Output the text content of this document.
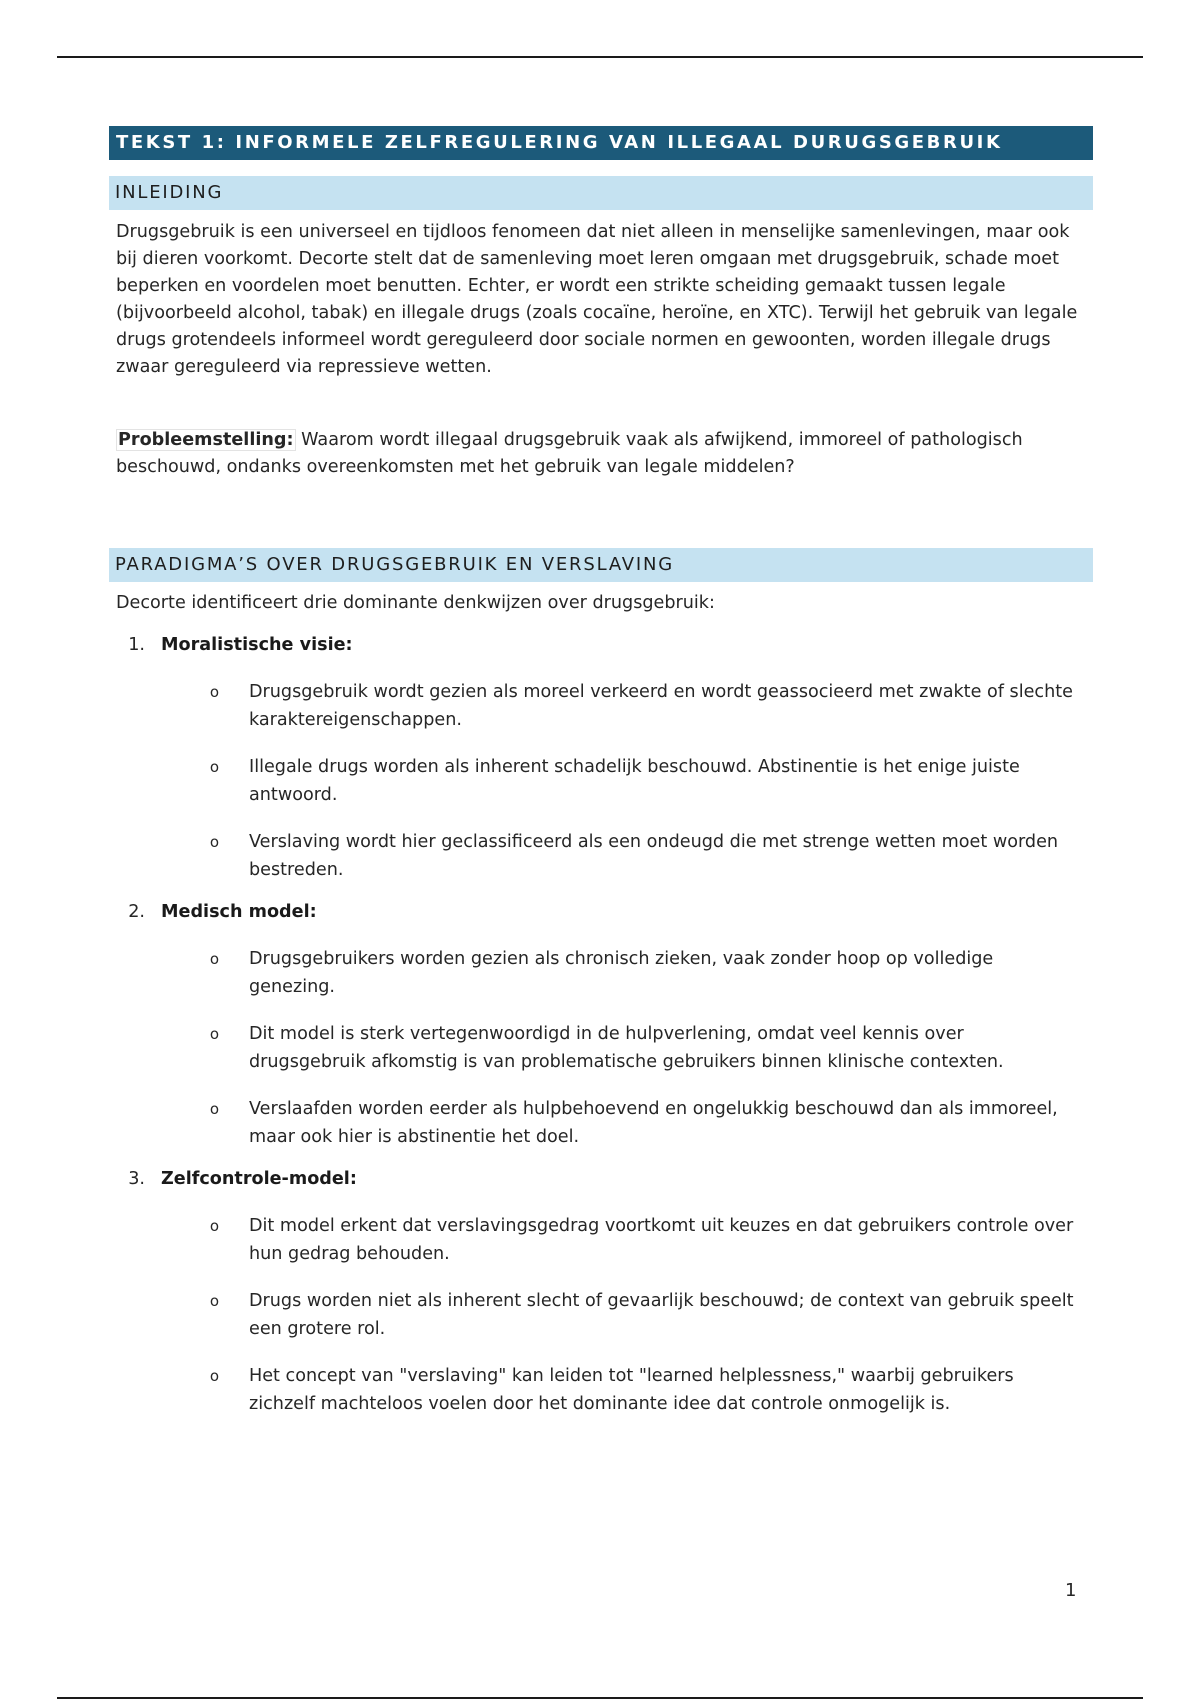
TEKST 1: INFORMELE ZELFREGULERING VAN ILLEGAAL DURUGSGEBRUIK
INLEIDING

Drugsgebruik is een universeel en tijdloos fenomeen dat niet alleen in menselijke samenlevingen, maar ook bij dieren voorkomt. Decorte stelt dat de samenleving moet leren omgaan met drugsgebruik, schade moet beperken en voordelen moet benutten. Echter, er wordt een strikte scheiding gemaakt tussen legale (bijvoorbeeld alcohol, tabak) en illegale drugs (zoals cocaïne, heroïne, en XTC). Terwijl het gebruik van legale drugs grotendeels informeel wordt gereguleerd door sociale normen en gewoonten, worden illegale drugs zwaar gereguleerd via repressieve wetten.

Probleemstelling: Waarom wordt illegaal drugsgebruik vaak als afwijkend, immoreel of pathologisch beschouwd, ondanks overeenkomsten met het gebruik van legale middelen?

PARADIGMA’S OVER DRUGSGEBRUIK EN VERSLAVING

Decorte identificeert drie dominante denkwijzen over drugsgebruik:

1. Moralistische visie:
o	Drugsgebruik wordt gezien als moreel verkeerd en wordt geassocieerd met zwakte of slechte karaktereigenschappen.
o	Illegale drugs worden als inherent schadelijk beschouwd. Abstinentie is het enige juiste antwoord.
o	Verslaving wordt hier geclassificeerd als een ondeugd die met strenge wetten moet worden bestreden.
2. Medisch model:
o	Drugsgebruikers worden gezien als chronisch zieken, vaak zonder hoop op volledige genezing.
o	Dit model is sterk vertegenwoordigd in de hulpverlening, omdat veel kennis over drugsgebruik afkomstig is van problematische gebruikers binnen klinische contexten.
o	Verslaafden worden eerder als hulpbehoevend en ongelukkig beschouwd dan als immoreel, maar ook hier is abstinentie het doel.
3. Zelfcontrole-model:
o	Dit model erkent dat verslavingsgedrag voortkomt uit keuzes en dat gebruikers controle over hun gedrag behouden.
o	Drugs worden niet als inherent slecht of gevaarlijk beschouwd; de context van gebruik speelt een grotere rol.
o	Het concept van "verslaving" kan leiden tot "learned helplessness," waarbij gebruikers zichzelf machteloos voelen door het dominante idee dat controle onmogelijk is.
1
